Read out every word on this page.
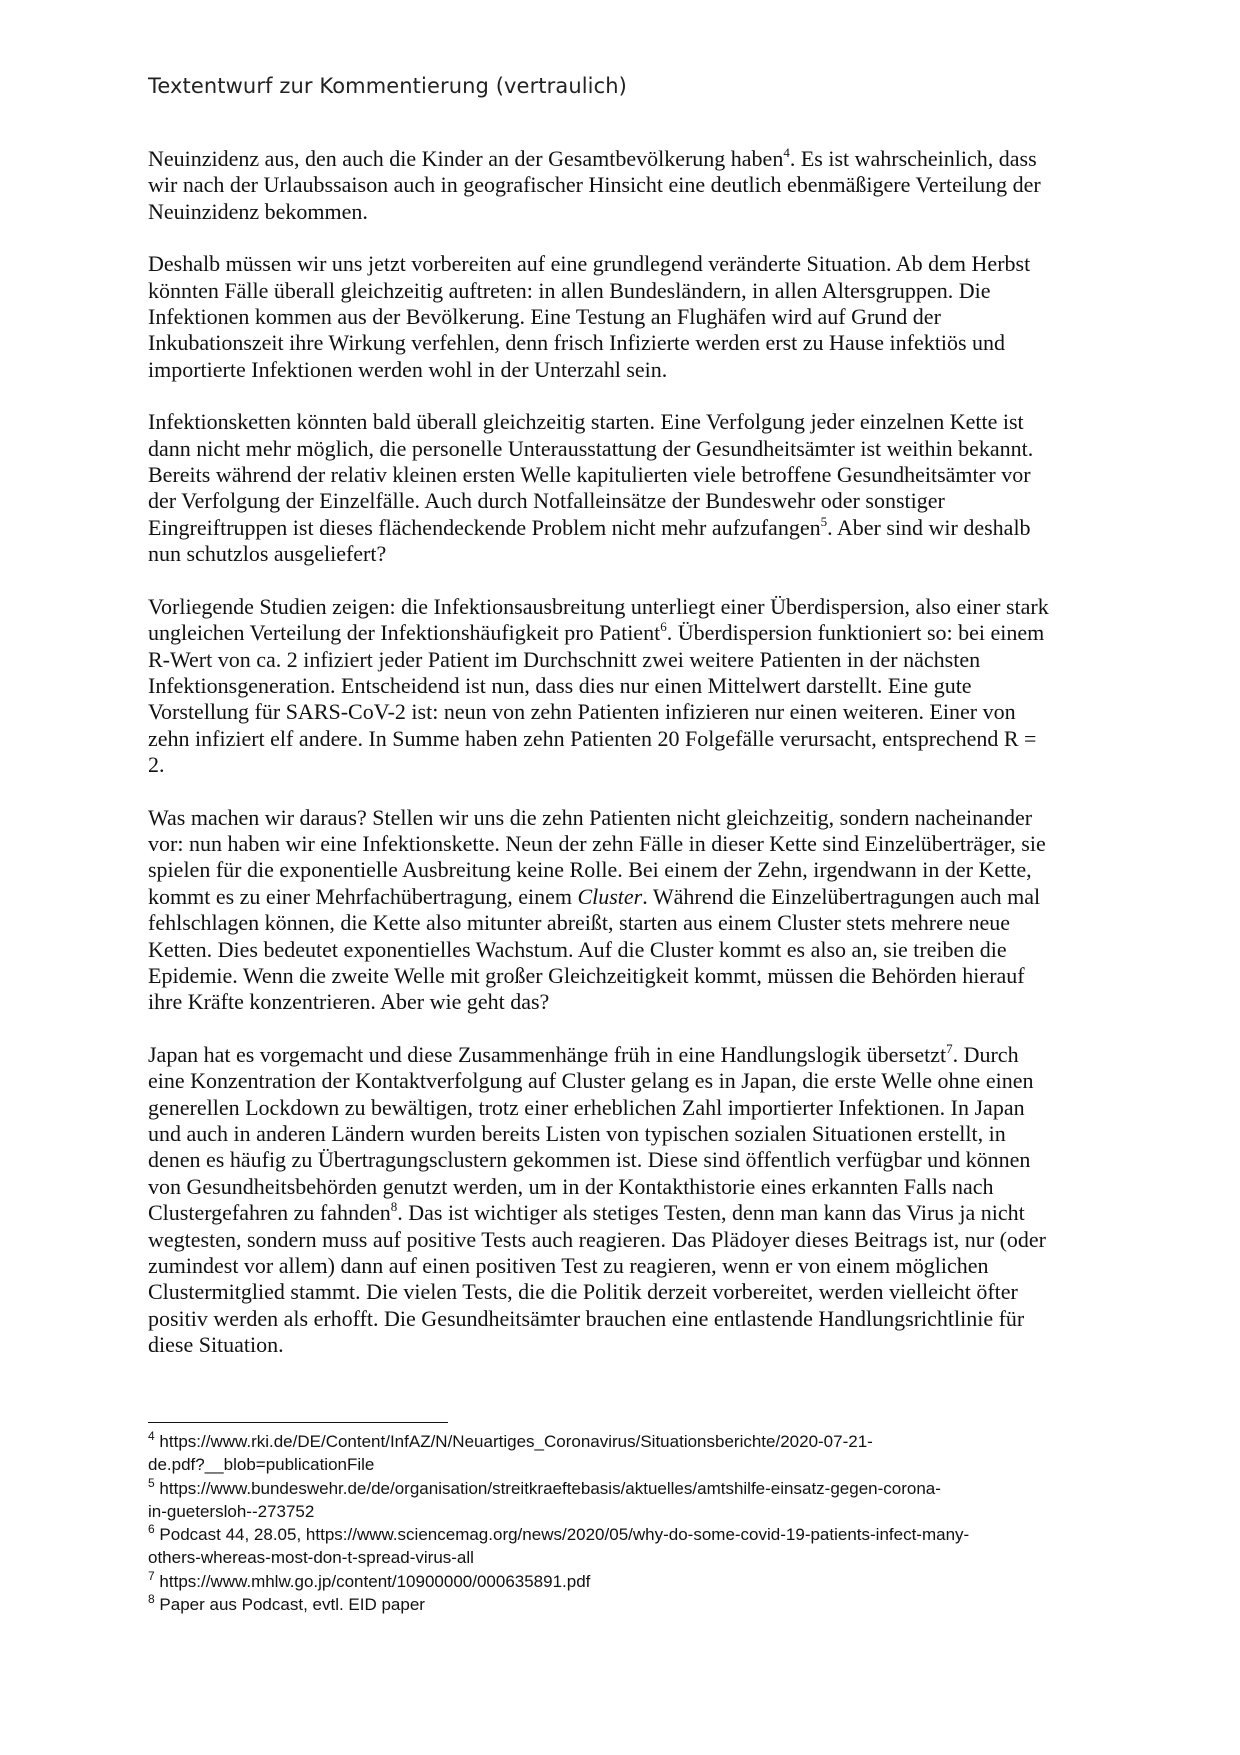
Textentwurf zur Kommentierung (vertraulich)
Neuinzidenz aus, den auch die Kinder an der Gesamtbevölkerung haben$^4$. Es ist wahrscheinlich, dass
wir nach der Urlaubssaison auch in geografischer Hinsicht eine deutlich ebenmäßigere Verteilung der
Neuinzidenz bekommen.
Deshalb müssen wir uns jetzt vorbereiten auf eine grundlegend veränderte Situation. Ab dem Herbst
könnten Fälle überall gleichzeitig auftreten: in allen Bundesländern, in allen Altersgruppen. Die
Infektionen kommen aus der Bevölkerung. Eine Testung an Flughäfen wird auf Grund der
Inkubationszeit ihre Wirkung verfehlen, denn frisch Infizierte werden erst zu Hause infektiös und
importierte Infektionen werden wohl in der Unterzahl sein.
Infektionsketten könnten bald überall gleichzeitig starten. Eine Verfolgung jeder einzelnen Kette ist
dann nicht mehr möglich, die personelle Unterausstattung der Gesundheitsämter ist weithin bekannt.
Bereits während der relativ kleinen ersten Welle kapitulierten viele betroffene Gesundheitsämter vor
der Verfolgung der Einzelfälle. Auch durch Notfalleinsätze der Bundeswehr oder sonstiger
Eingreiftruppen ist dieses flächendeckende Problem nicht mehr aufzufangen$^5$. Aber sind wir deshalb
nun schutzlos ausgeliefert?
Vorliegende Studien zeigen: die Infektionsausbreitung unterliegt einer Überdispersion, also einer stark
ungleichen Verteilung der Infektionshäufigkeit pro Patient$^6$. Überdispersion funktioniert so: bei einem
R-Wert von ca. 2 infiziert jeder Patient im Durchschnitt zwei weitere Patienten in der nächsten
Infektionsgeneration. Entscheidend ist nun, dass dies nur einen Mittelwert darstellt. Eine gute
Vorstellung für SARS-CoV-2 ist: neun von zehn Patienten infizieren nur einen weiteren. Einer von
zehn infiziert elf andere. In Summe haben zehn Patienten 20 Folgefälle verursacht, entsprechend R =
2.
Was machen wir daraus? Stellen wir uns die zehn Patienten nicht gleichzeitig, sondern nacheinander
vor: nun haben wir eine Infektionskette. Neun der zehn Fälle in dieser Kette sind Einzelüberträger, sie
spielen für die exponentielle Ausbreitung keine Rolle. Bei einem der Zehn, irgendwann in der Kette,
kommt es zu einer Mehrfachübertragung, einem Cluster. Während die Einzelübertragungen auch mal
fehlschlagen können, die Kette also mitunter abreißt, starten aus einem Cluster stets mehrere neue
Ketten. Dies bedeutet exponentielles Wachstum. Auf die Cluster kommt es also an, sie treiben die
Epidemie. Wenn die zweite Welle mit großer Gleichzeitigkeit kommt, müssen die Behörden hierauf
ihre Kräfte konzentrieren. Aber wie geht das?
Japan hat es vorgemacht und diese Zusammenhänge früh in eine Handlungslogik übersetzt$^7$. Durch
eine Konzentration der Kontaktverfolgung auf Cluster gelang es in Japan, die erste Welle ohne einen
generellen Lockdown zu bewältigen, trotz einer erheblichen Zahl importierter Infektionen. In Japan
und auch in anderen Ländern wurden bereits Listen von typischen sozialen Situationen erstellt, in
denen es häufig zu Übertragungsclustern gekommen ist. Diese sind öffentlich verfügbar und können
von Gesundheitsbehörden genutzt werden, um in der Kontakthistorie eines erkannten Falls nach
Clustergefahren zu fahnden$^8$. Das ist wichtiger als stetiges Testen, denn man kann das Virus ja nicht
wegtesten, sondern muss auf positive Tests auch reagieren. Das Plädoyer dieses Beitrags ist, nur (oder
zumindest vor allem) dann auf einen positiven Test zu reagieren, wenn er von einem möglichen
Clustermitglied stammt. Die vielen Tests, die die Politik derzeit vorbereitet, werden vielleicht öfter
positiv werden als erhofft. Die Gesundheitsämter brauchen eine entlastende Handlungsrichtlinie für
diese Situation.
$^4$ https://www.rki.de/DE/Content/InfAZ/N/Neuartiges_Coronavirus/Situationsberichte/2020-07-21-
de.pdf?__blob=publicationFile
$^5$ https://www.bundeswehr.de/de/organisation/streitkraeftebasis/aktuelles/amtshilfe-einsatz-gegen-corona-
in-guetersloh--273752
$^6$ Podcast 44, 28.05, https://www.sciencemag.org/news/2020/05/why-do-some-covid-19-patients-infect-many-
others-whereas-most-don-t-spread-virus-all
$^7$ https://www.mhlw.go.jp/content/10900000/000635891.pdf
$^8$ Paper aus Podcast, evtl. EID paper
